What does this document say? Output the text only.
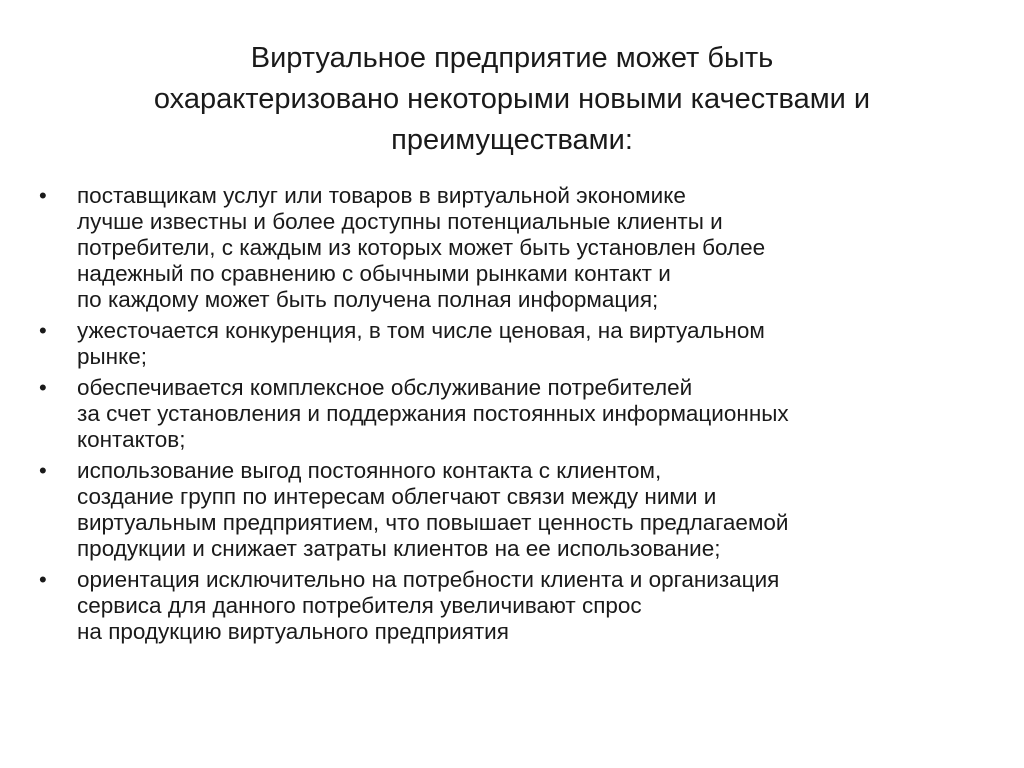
Виртуальное предприятие может быть
охарактеризовано некоторыми новыми качествами и
преимуществами:
• поставщикам услуг или товаров в виртуальной экономике
лучше известны и более доступны потенциальные клиенты и
потребители, с каждым из которых может быть установлен более
надежный по сравнению с обычными рынками контакт и
по каждому может быть получена полная информация;
• ужесточается конкуренция, в том числе ценовая, на виртуальном
рынке;
• обеспечивается комплексное обслуживание потребителей
за счет установления и поддержания постоянных информационных
контактов;
• использование выгод постоянного контакта с клиентом,
создание групп по интересам облегчают связи между ними и
виртуальным предприятием, что повышает ценность предлагаемой
продукции и снижает затраты клиентов на ее использование;
• ориентация исключительно на потребности клиента и организация
сервиса для данного потребителя увеличивают спрос
на продукцию виртуального предприятия
